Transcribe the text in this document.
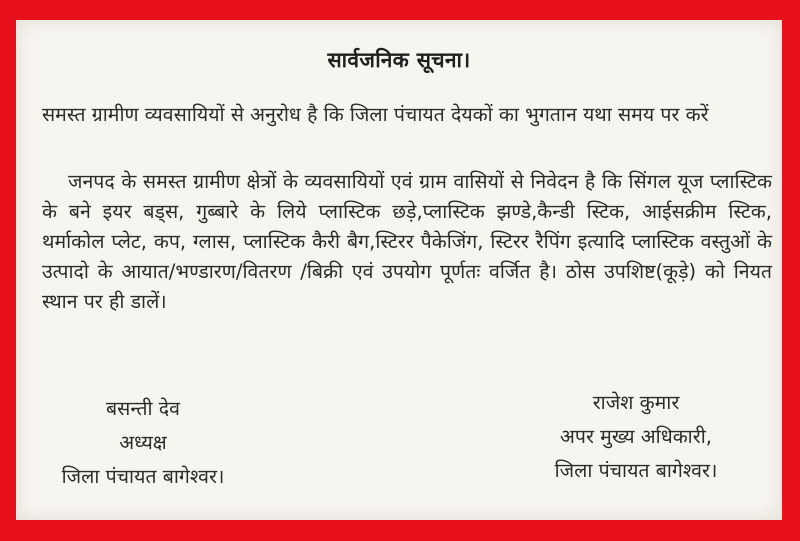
सार्वजनिक सूचना।
समस्त ग्रामीण व्यवसायियों से अनुरोध है कि जिला पंचायत देयकों का भुगतान यथा समय पर करें
जनपद के समस्त ग्रामीण क्षेत्रों के व्यवसायियों एवं ग्राम वासियों से निवेदन है कि सिंगल यूज प्लास्टिक के बने इयर बड्स, गुब्बारे के लिये प्लास्टिक छड़े,प्लास्टिक झण्डे,कैन्डी स्टिक, आईसक्रीम स्टिक, थर्माकोल प्लेट, कप, ग्लास, प्लास्टिक कैरी बैग,स्टिरर पैकेजिंग, स्टिरर रैपिंग इत्यादि प्लास्टिक वस्तुओं के उत्पादो के आयात/भण्डारण/वितरण /बिक्री एवं उपयोग पूर्णतः वर्जित है। ठोस उपशिष्ट(कूड़े) को नियत स्थान पर ही डालें।
बसन्ती देव
अध्यक्ष
जिला पंचायत बागेश्वर।
राजेश कुमार
अपर मुख्य अधिकारी,
जिला पंचायत बागेश्वर।
